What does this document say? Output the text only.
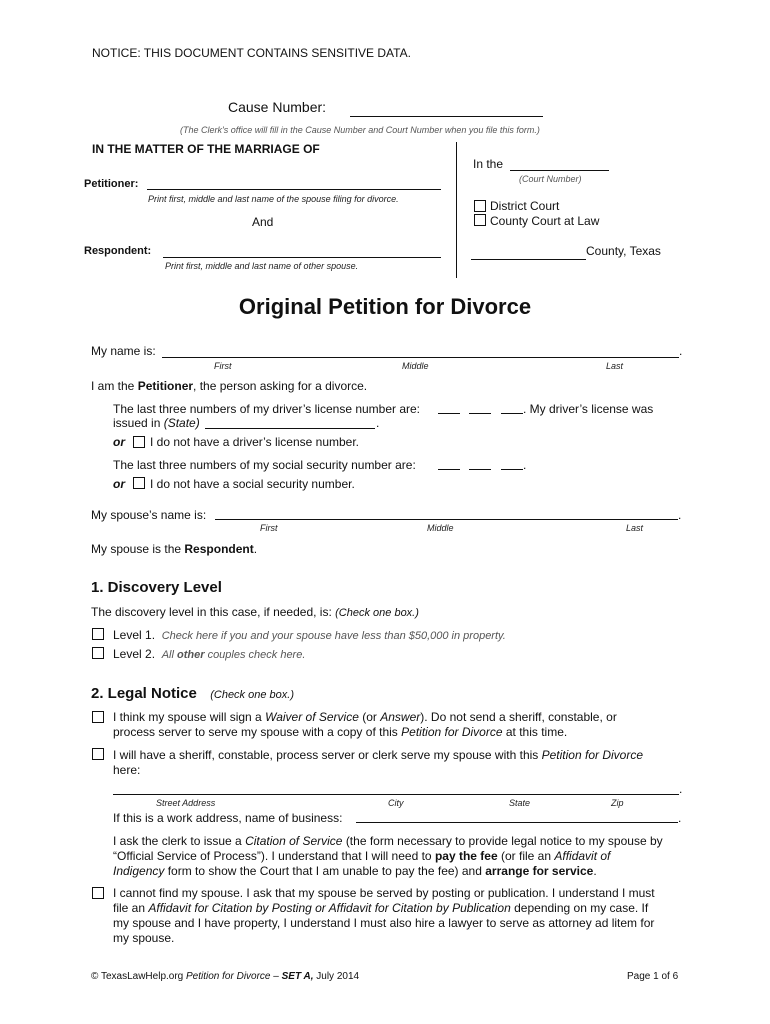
NOTICE: THIS DOCUMENT CONTAINS SENSITIVE DATA.
Cause Number:
(The Clerk's office will fill in the Cause Number and Court Number when you file this form.)
IN THE MATTER OF THE MARRIAGE OF
In the
(Court Number)
District Court
County Court at Law
County, Texas
Petitioner:
Print first, middle and last name of the spouse filing for divorce.
And
Respondent:
Print first, middle and last name of other spouse.
Original Petition for Divorce
My name is:	.
First	Middle	Last
I am the Petitioner, the person asking for a divorce.
The last three numbers of my driver’s license number are:	. My driver’s license was
issued in (State)	.
or I do not have a driver’s license number.
The last three numbers of my social security number are:	.
or I do not have a social security number.
My spouse’s name is:	.
First	Middle	Last
My spouse is the Respondent.
1. Discovery Level
The discovery level in this case, if needed, is: (Check one box.)
Level 1. Check here if you and your spouse have less than $50,000 in property.
Level 2. All other couples check here.
2. Legal Notice (Check one box.)
I think my spouse will sign a Waiver of Service (or Answer). Do not send a sheriff, constable, or
process server to serve my spouse with a copy of this Petition for Divorce at this time.
I will have a sheriff, constable, process server or clerk serve my spouse with this Petition for Divorce
here:
.
Street Address	City	State	Zip
If this is a work address, name of business:	.
I ask the clerk to issue a Citation of Service (the form necessary to provide legal notice to my spouse by
“Official Service of Process”). I understand that I will need to pay the fee (or file an Affidavit of
Indigency form to show the Court that I am unable to pay the fee) and arrange for service.
I cannot find my spouse. I ask that my spouse be served by posting or publication. I understand I must
file an Affidavit for Citation by Posting or Affidavit for Citation by Publication depending on my case. If
my spouse and I have property, I understand I must also hire a lawyer to serve as attorney ad litem for
my spouse.
© TexasLawHelp.org Petition for Divorce – SET A, July 2014	Page 1 of 6
